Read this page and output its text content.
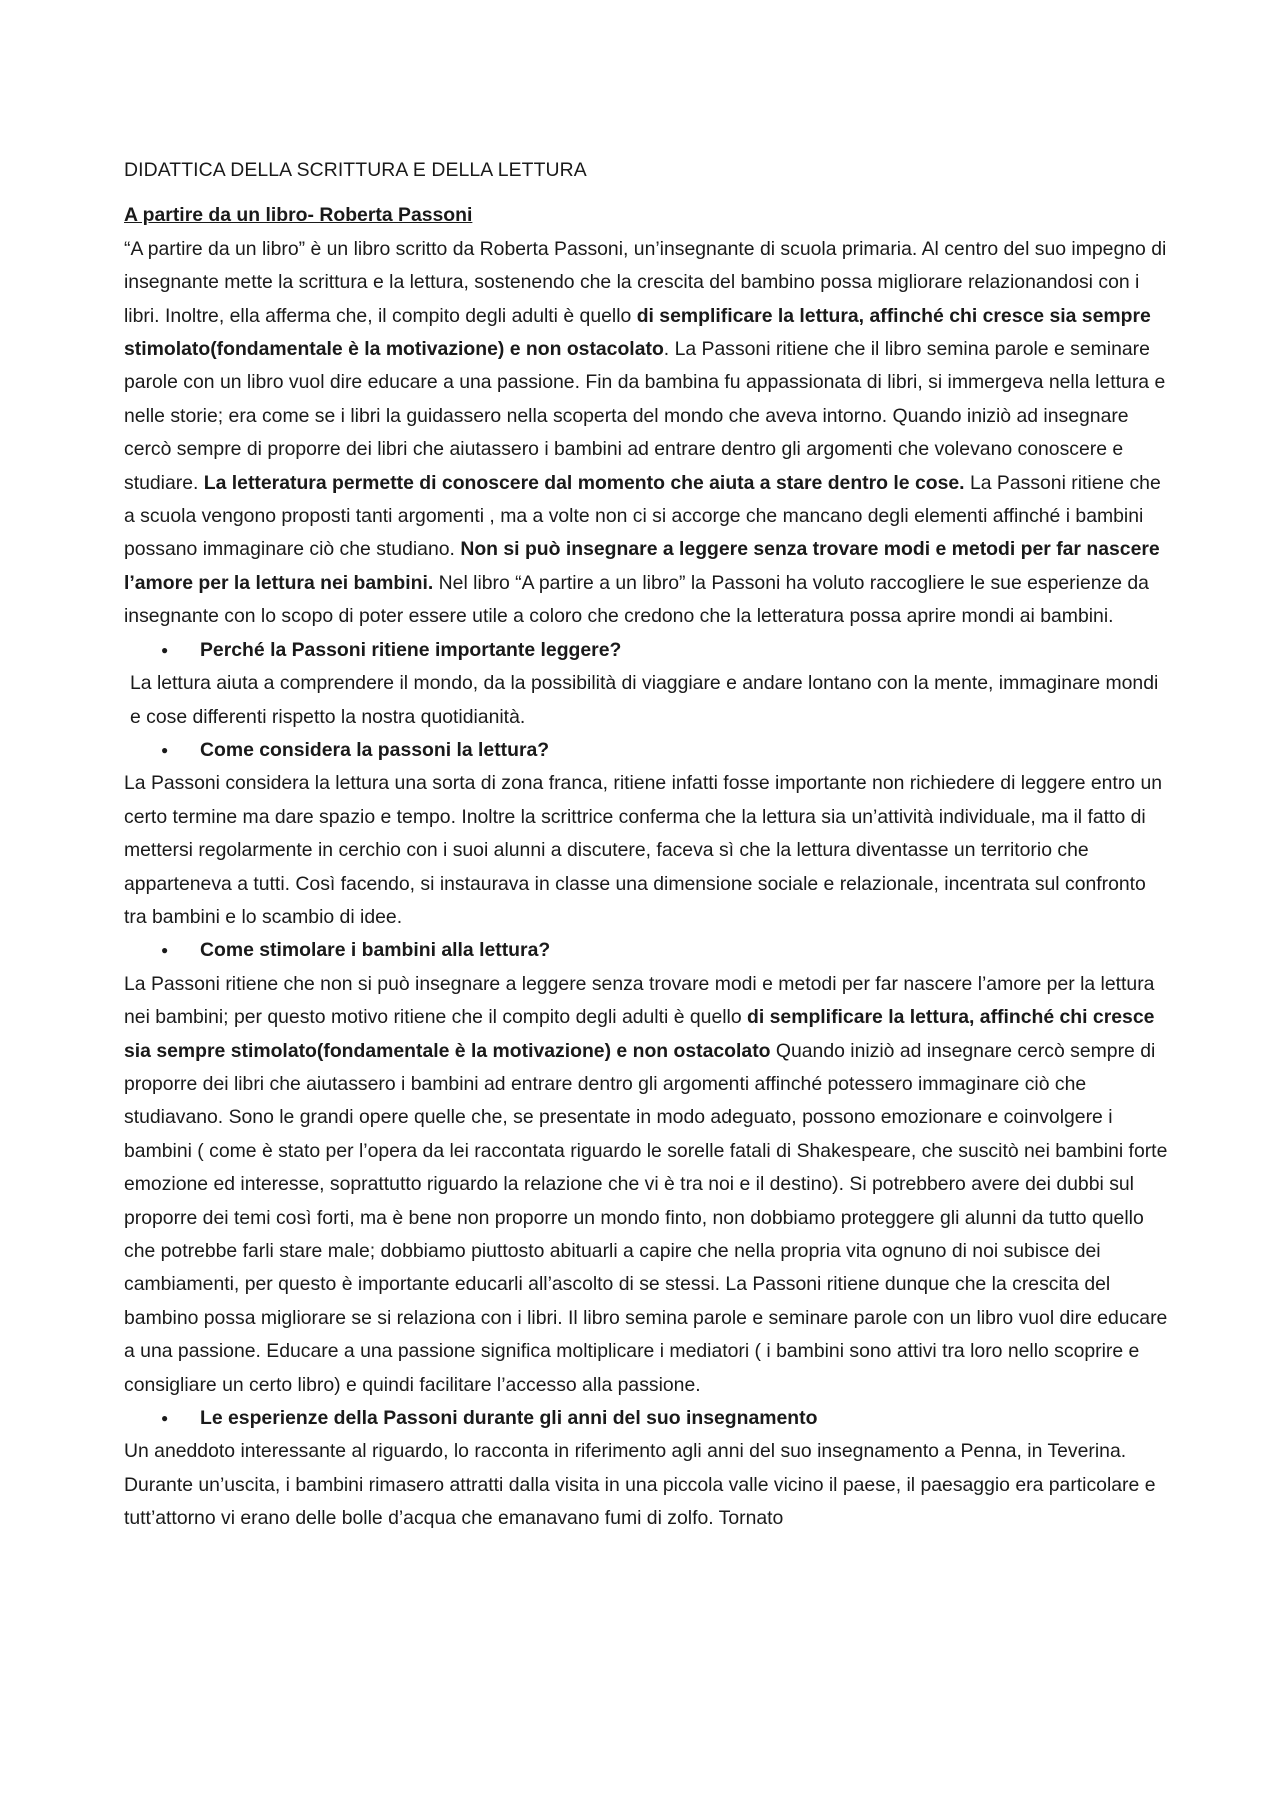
DIDATTICA DELLA SCRITTURA E DELLA LETTURA
A partire da un libro- Roberta Passoni

“A partire da un libro” è un libro scritto da Roberta Passoni, un’insegnante di scuola primaria. Al centro del suo impegno di insegnante mette la scrittura e la lettura, sostenendo che la crescita del bambino possa migliorare relazionandosi con i libri. Inoltre, ella afferma che, il compito degli adulti è quello di semplificare la lettura, affinché chi cresce sia sempre stimolato(fondamentale è la motivazione) e non ostacolato. La Passoni ritiene che il libro semina parole e seminare parole con un libro vuol dire educare a una passione. Fin da bambina fu appassionata di libri, si immergeva nella lettura e nelle storie; era come se i libri la guidassero nella scoperta del mondo che aveva intorno. Quando iniziò ad insegnare cercò sempre di proporre dei libri che aiutassero i bambini ad entrare dentro gli argomenti che volevano conoscere e studiare. La letteratura permette di conoscere dal momento che aiuta a stare dentro le cose. La Passoni ritiene che a scuola vengono proposti tanti argomenti , ma a volte non ci si accorge che mancano degli elementi affinché i bambini possano immaginare ciò che studiano. Non si può insegnare a leggere senza trovare modi e metodi per far nascere l’amore per la lettura nei bambini. Nel libro “A partire a un libro” la Passoni ha voluto raccogliere le sue esperienze da insegnante con lo scopo di poter essere utile a coloro che credono che la letteratura possa aprire mondi ai bambini.

● Perché la Passoni ritiene importante leggere?

La lettura aiuta a comprendere il mondo, da la possibilità di viaggiare e andare lontano con la mente, immaginare mondi e cose differenti rispetto la nostra quotidianità.

● Come considera la passoni la lettura?

La Passoni considera la lettura una sorta di zona franca, ritiene infatti fosse importante non richiedere di leggere entro un certo termine ma dare spazio e tempo. Inoltre la scrittrice conferma che la lettura sia un’attività individuale, ma il fatto di mettersi regolarmente in cerchio con i suoi alunni a discutere, faceva sì che la lettura diventasse un territorio che apparteneva a tutti. Così facendo, si instaurava in classe una dimensione sociale e relazionale, incentrata sul confronto tra bambini e lo scambio di idee.

● Come stimolare i bambini alla lettura?

La Passoni ritiene che non si può insegnare a leggere senza trovare modi e metodi per far nascere l’amore per la lettura nei bambini; per questo motivo ritiene che il compito degli adulti è quello di semplificare la lettura, affinché chi cresce sia sempre stimolato(fondamentale è la motivazione) e non ostacolato Quando iniziò ad insegnare cercò sempre di proporre dei libri che aiutassero i bambini ad entrare dentro gli argomenti affinché potessero immaginare ciò che studiavano. Sono le grandi opere quelle che, se presentate in modo adeguato, possono emozionare e coinvolgere i bambini ( come è stato per l’opera da lei raccontata riguardo le sorelle fatali di Shakespeare, che suscitò nei bambini forte emozione ed interesse, soprattutto riguardo la relazione che vi è tra noi e il destino). Si potrebbero avere dei dubbi sul proporre dei temi così forti, ma è bene non proporre un mondo finto, non dobbiamo proteggere gli alunni da tutto quello che potrebbe farli stare male; dobbiamo piuttosto abituarli a capire che nella propria vita ognuno di noi subisce dei cambiamenti, per questo è importante educarli all’ascolto di se stessi. La Passoni ritiene dunque che la crescita del bambino possa migliorare se si relaziona con i libri. Il libro semina parole e seminare parole con un libro vuol dire educare a una passione. Educare a una passione significa moltiplicare i mediatori ( i bambini sono attivi tra loro nello scoprire e consigliare un certo libro) e quindi facilitare l’accesso alla passione.

● Le esperienze della Passoni durante gli anni del suo insegnamento

Un aneddoto interessante al riguardo, lo racconta in riferimento agli anni del suo insegnamento a Penna, in Teverina. Durante un’uscita, i bambini rimasero attratti dalla visita in una piccola valle vicino il paese, il paesaggio era particolare e tutt’attorno vi erano delle bolle d’acqua che emanavano fumi di zolfo. Tornato
